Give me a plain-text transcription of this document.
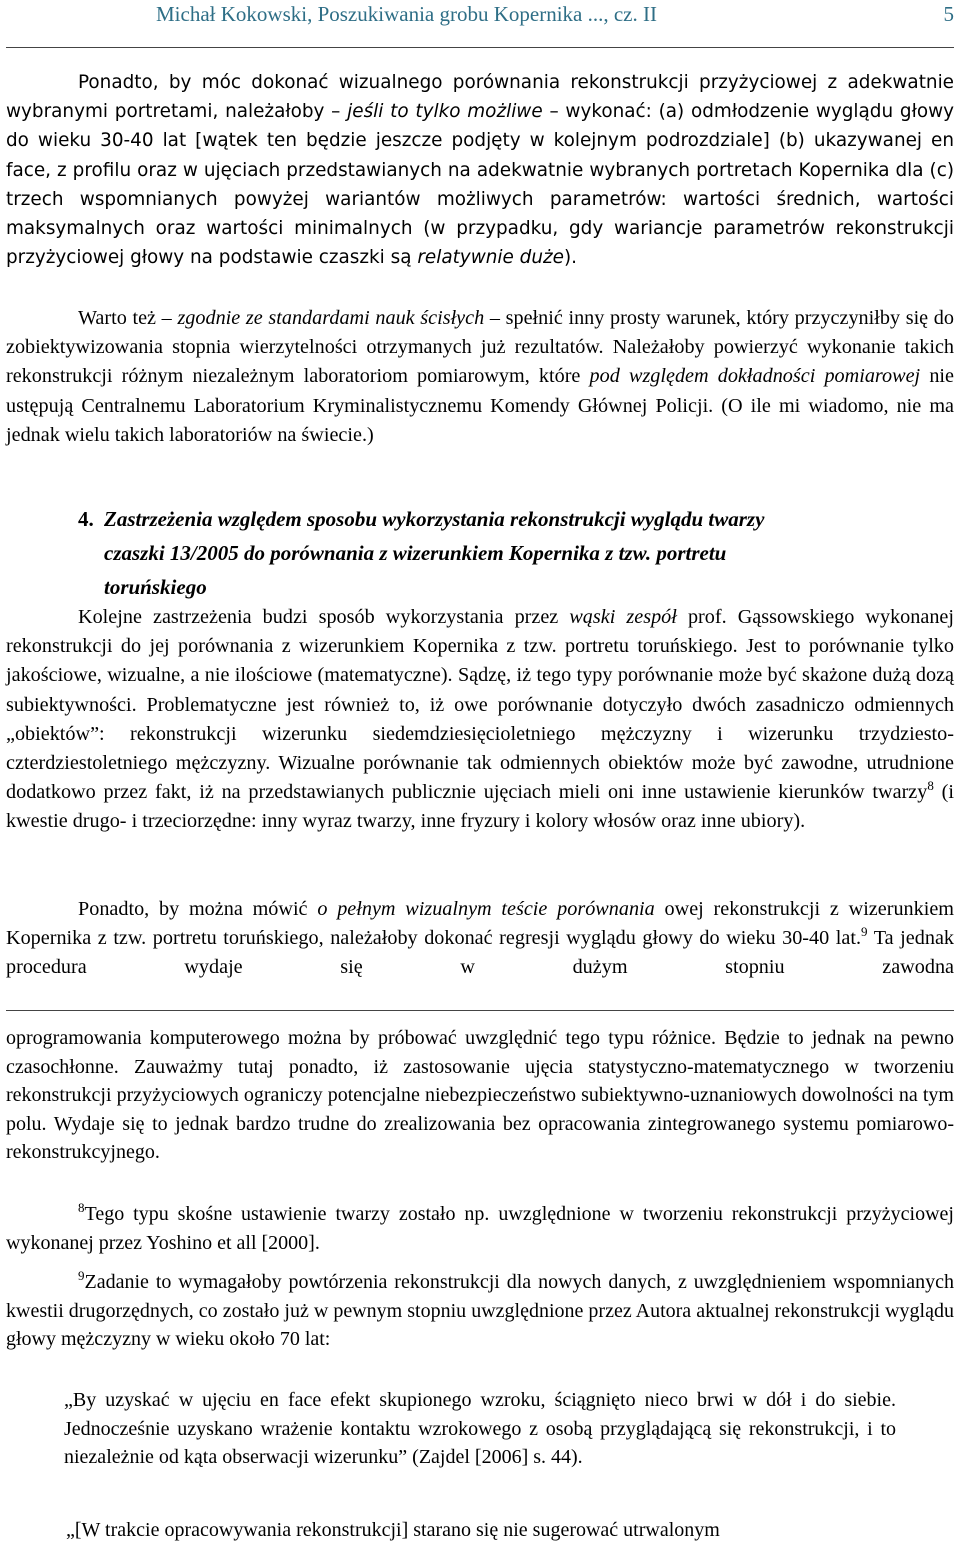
Michał Kokowski, Poszukiwania grobu Kopernika ..., cz. II	5
Ponadto, by móc dokonać wizualnego porównania rekonstrukcji przyżyciowej z adekwatnie wybranymi portretami, należałoby – jeśli to tylko możliwe – wykonać: (a) odmłodzenie wyglądu głowy do wieku 30-40 lat [wątek ten będzie jeszcze podjęty w kolejnym podrozdziale] (b) ukazywanej en face, z profilu oraz w ujęciach przedstawianych na adekwatnie wybranych portretach Kopernika dla (c) trzech wspomnianych powyżej wariantów możliwych parametrów: wartości średnich, wartości maksymalnych oraz wartości minimalnych (w przypadku, gdy wariancje parametrów rekonstrukcji przyżyciowej głowy na podstawie czaszki są relatywnie duże).
Warto też – zgodnie ze standardami nauk ścisłych – spełnić inny prosty warunek, który przyczyniłby się do zobiektywizowania stopnia wierzytelności otrzymanych już rezultatów. Należałoby powierzyć wykonanie takich rekonstrukcji różnym niezależnym laboratoriom pomiarowym, które pod względem dokładności pomiarowej nie ustępują Centralnemu Laboratorium Kryminalistycznemu Komendy Głównej Policji. (O ile mi wiadomo, nie ma jednak wielu takich laboratoriów na świecie.)
4. Zastrzeżenia względem sposobu wykorzystania rekonstrukcji wyglądu twarzy
czaszki 13/2005 do porównania z wizerunkiem Kopernika z tzw. portretu
toruńskiego
Kolejne zastrzeżenia budzi sposób wykorzystania przez wąski zespół prof. Gąssowskiego wykonanej rekonstrukcji do jej porównania z wizerunkiem Kopernika z tzw. portretu toruńskiego. Jest to porównanie tylko jakościowe, wizualne, a nie ilościowe (matematyczne). Sądzę, iż tego typy porównanie może być skażone dużą dozą subiektywności. Problematyczne jest również to, iż owe porównanie dotyczyło dwóch zasadniczo odmiennych „obiektów”: rekonstrukcji wizerunku siedemdziesięcioletniego mężczyzny i wizerunku trzydziesto-czterdziestoletniego mężczyzny. Wizualne porównanie tak odmiennych obiektów może być zawodne, utrudnione dodatkowo przez fakt, iż na przedstawianych publicznie ujęciach mieli oni inne ustawienie kierunków twarzy$^8$ (i kwestie drugo- i trzeciorzędne: inny wyraz twarzy, inne fryzury i kolory włosów oraz inne ubiory).
Ponadto, by można mówić o pełnym wizualnym teście porównania owej rekonstrukcji z wizerunkiem Kopernika z tzw. portretu toruńskiego, należałoby dokonać regresji wyglądu głowy do wieku 30-40 lat.$^9$ Ta jednak procedura wydaje się w dużym stopniu zawodna
oprogramowania komputerowego można by próbować uwzględnić tego typu różnice. Będzie to jednak na pewno czasochłonne. Zauważmy tutaj ponadto, iż zastosowanie ujęcia statystyczno-matematycznego w tworzeniu rekonstrukcji przyżyciowych ograniczy potencjalne niebezpieczeństwo subiektywno-uznaniowych dowolności na tym polu. Wydaje się to jednak bardzo trudne do zrealizowania bez opracowania zintegrowanego systemu pomiarowo-rekonstrukcyjnego.
$^8$Tego typu skośne ustawienie twarzy zostało np. uwzględnione w tworzeniu rekonstrukcji przyżyciowej wykonanej przez Yoshino et all [2000].
$^9$Zadanie to wymagałoby powtórzenia rekonstrukcji dla nowych danych, z uwzględnieniem wspomnianych kwestii drugorzędnych, co zostało już w pewnym stopniu uwzględnione przez Autora aktualnej rekonstrukcji wyglądu głowy mężczyzny w wieku około 70 lat:
„By uzyskać w ujęciu en face efekt skupionego wzroku, ściągnięto nieco brwi w dół i do siebie. Jednocześnie uzyskano wrażenie kontaktu wzrokowego z osobą przyglądającą się rekonstrukcji, i to niezależnie od kąta obserwacji wizerunku” (Zajdel [2006] s. 44).
„[W trakcie opracowywania rekonstrukcji] starano się nie sugerować utrwalonym
